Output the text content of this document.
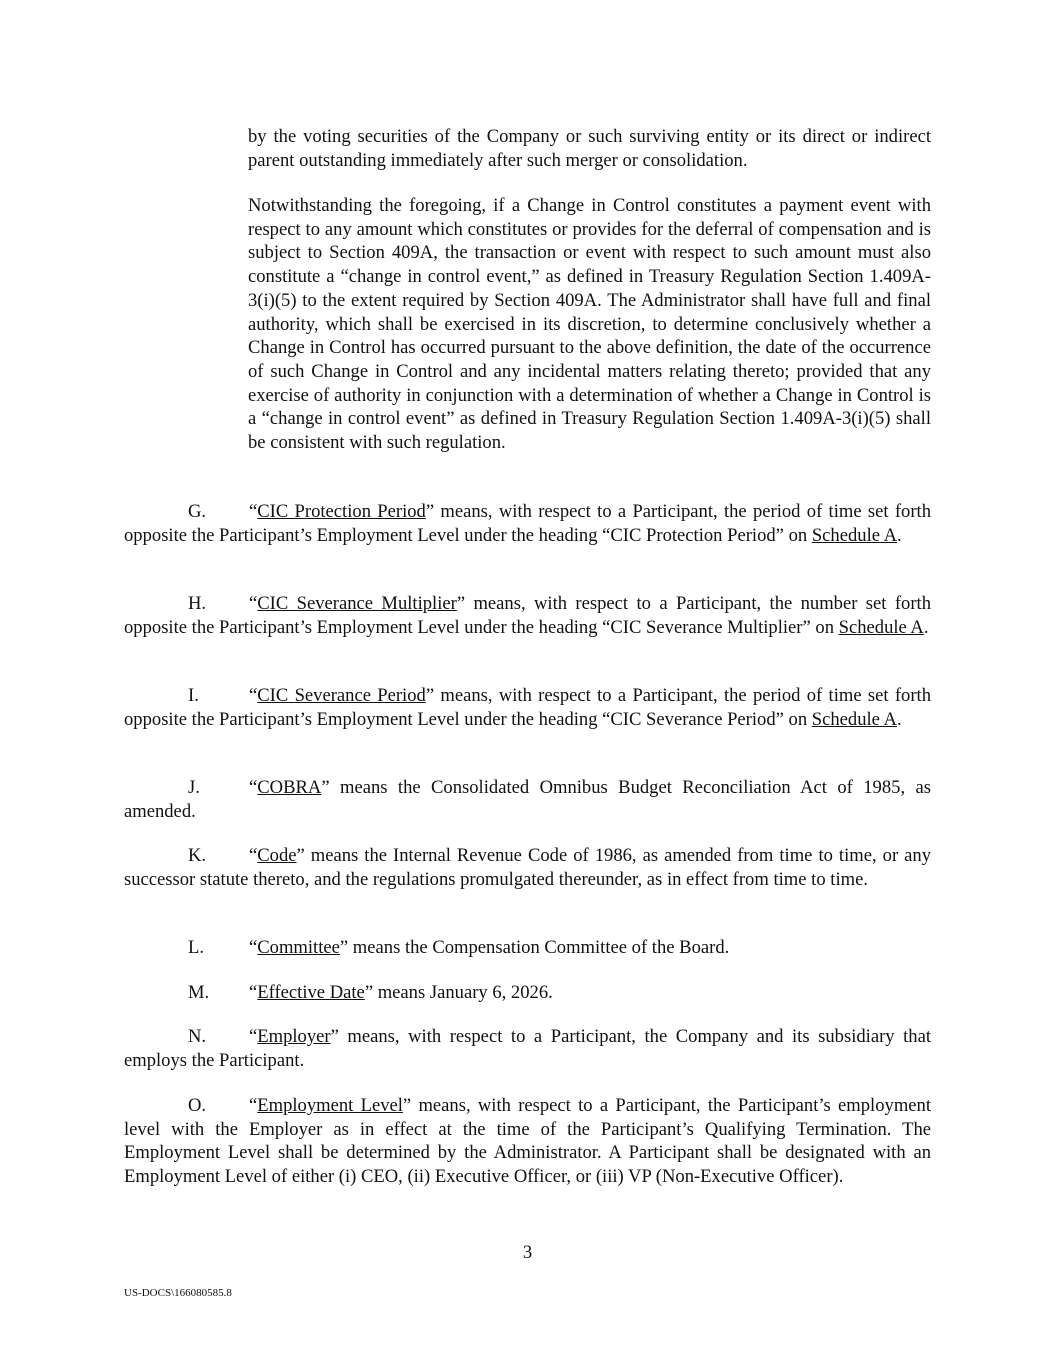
by the voting securities of the Company or such surviving entity or its direct or indirect parent outstanding immediately after such merger or consolidation.

Notwithstanding the foregoing, if a Change in Control constitutes a payment event with respect to any amount which constitutes or provides for the deferral of compensation and is subject to Section 409A, the transaction or event with respect to such amount must also constitute a “change in control event,” as defined in Treasury Regulation Section 1.409A-3(i)(5) to the extent required by Section 409A. The Administrator shall have full and final authority, which shall be exercised in its discretion, to determine conclusively whether a Change in Control has occurred pursuant to the above definition, the date of the occurrence of such Change in Control and any incidental matters relating thereto; provided that any exercise of authority in conjunction with a determination of whether a Change in Control is a “change in control event” as defined in Treasury Regulation Section 1.409A-3(i)(5) shall be consistent with such regulation.

G. “CIC Protection Period” means, with respect to a Participant, the period of time set forth opposite the Participant’s Employment Level under the heading “CIC Protection Period” on Schedule A.

H. “CIC Severance Multiplier” means, with respect to a Participant, the number set forth opposite the Participant’s Employment Level under the heading “CIC Severance Multiplier” on Schedule A.

I.	“CIC Severance Period” means, with respect to a Participant, the period of time set forth opposite the Participant’s Employment Level under the heading “CIC Severance Period” on Schedule A.

J.	“COBRA” means the Consolidated Omnibus Budget Reconciliation Act of 1985, as amended.

K. “Code” means the Internal Revenue Code of 1986, as amended from time to time, or any successor statute thereto, and the regulations promulgated thereunder, as in effect from time to time.

L. “Committee” means the Compensation Committee of the Board.

M. “Effective Date” means January 6, 2026.

N. “Employer” means, with respect to a Participant, the Company and its subsidiary that employs the Participant.

O. “Employment Level” means, with respect to a Participant, the Participant’s employment level with the Employer as in effect at the time of the Participant’s Qualifying Termination. The Employment Level shall be determined by the Administrator. A Participant shall be designated with an Employment Level of either (i) CEO, (ii) Executive Officer, or (iii) VP (Non-Executive Officer).

3
US-DOCS\166080585.8
